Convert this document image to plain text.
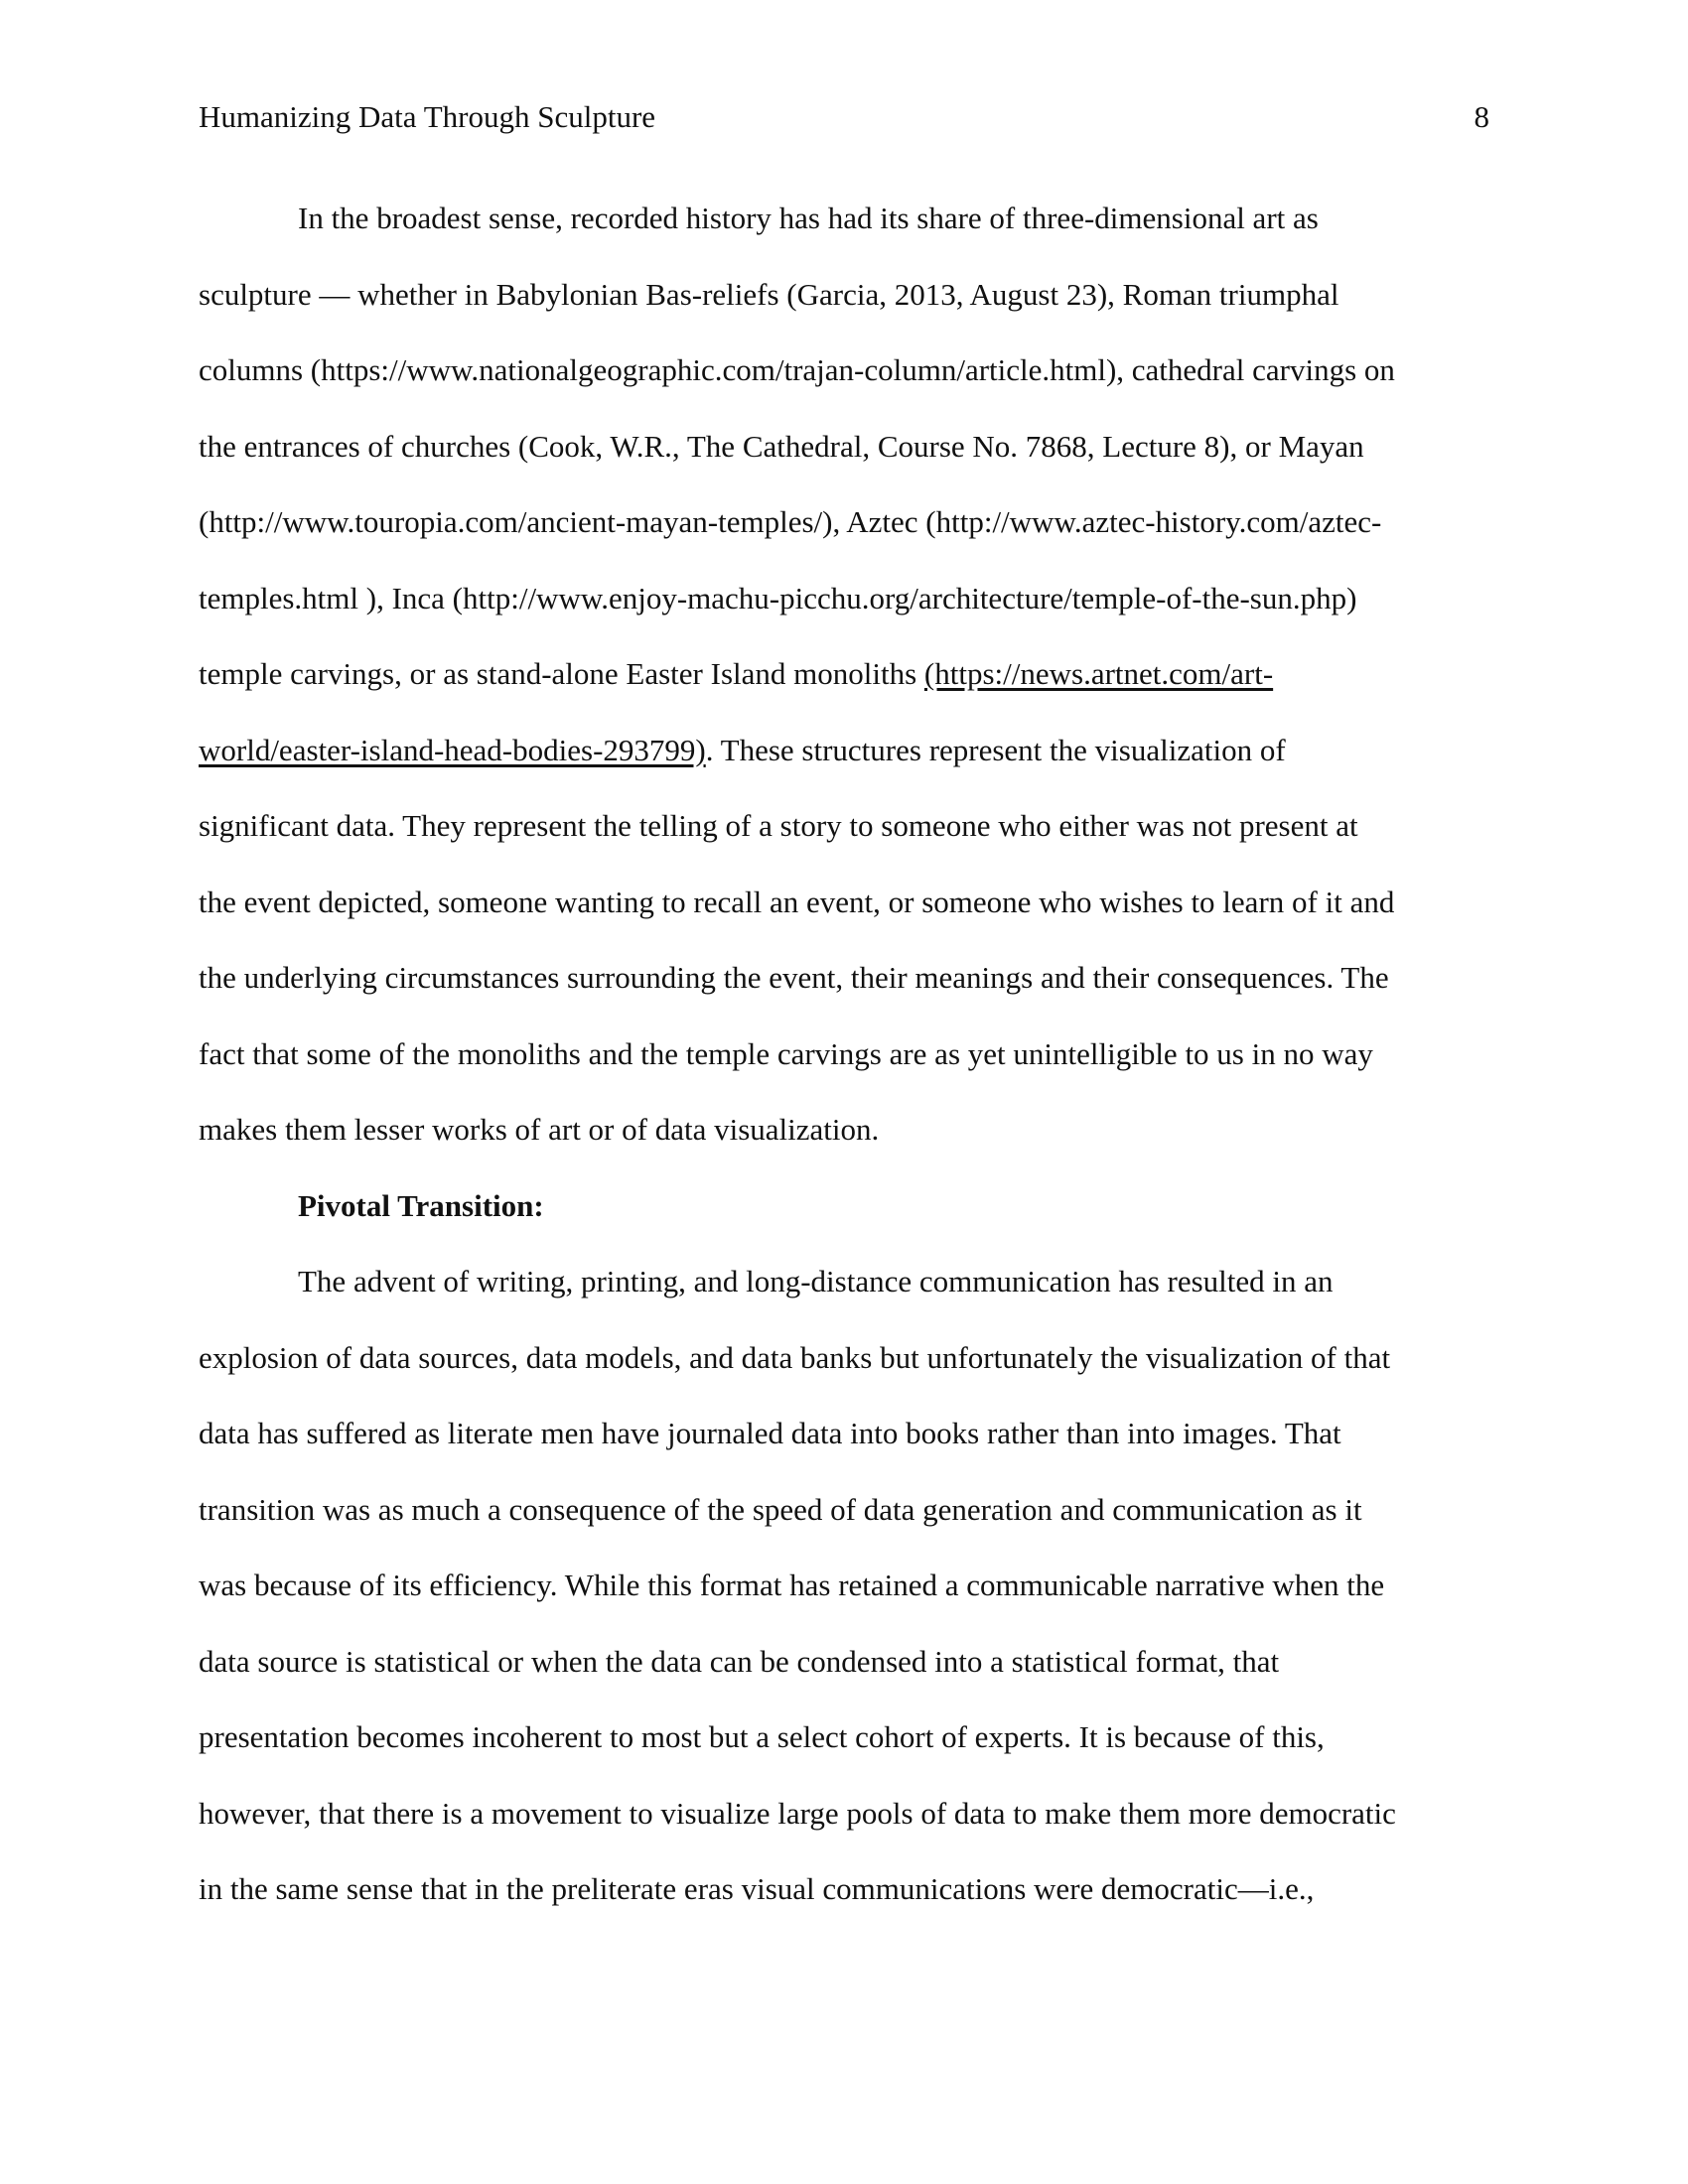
Humanizing Data Through Sculpture	8
In the broadest sense, recorded history has had its share of three-dimensional art as
sculpture — whether in Babylonian Bas-reliefs (Garcia, 2013, August 23), Roman triumphal
columns (https://www.nationalgeographic.com/trajan-column/article.html), cathedral carvings on
the entrances of churches (Cook, W.R., The Cathedral, Course No. 7868, Lecture 8), or Mayan
(http://www.touropia.com/ancient-mayan-temples/), Aztec (http://www.aztec-history.com/aztec-
temples.html ), Inca (http://www.enjoy-machu-picchu.org/architecture/temple-of-the-sun.php)
temple carvings, or as stand-alone Easter Island monoliths (https://news.artnet.com/art-
world/easter-island-head-bodies-293799). These structures represent the visualization of
significant data. They represent the telling of a story to someone who either was not present at
the event depicted, someone wanting to recall an event, or someone who wishes to learn of it and
the underlying circumstances surrounding the event, their meanings and their consequences. The
fact that some of the monoliths and the temple carvings are as yet unintelligible to us in no way
makes them lesser works of art or of data visualization.
Pivotal Transition:
The advent of writing, printing, and long-distance communication has resulted in an
explosion of data sources, data models, and data banks but unfortunately the visualization of that
data has suffered as literate men have journaled data into books rather than into images. That
transition was as much a consequence of the speed of data generation and communication as it
was because of its efficiency. While this format has retained a communicable narrative when the
data source is statistical or when the data can be condensed into a statistical format, that
presentation becomes incoherent to most but a select cohort of experts. It is because of this,
however, that there is a movement to visualize large pools of data to make them more democratic
in the same sense that in the preliterate eras visual communications were democratic—i.e.,
